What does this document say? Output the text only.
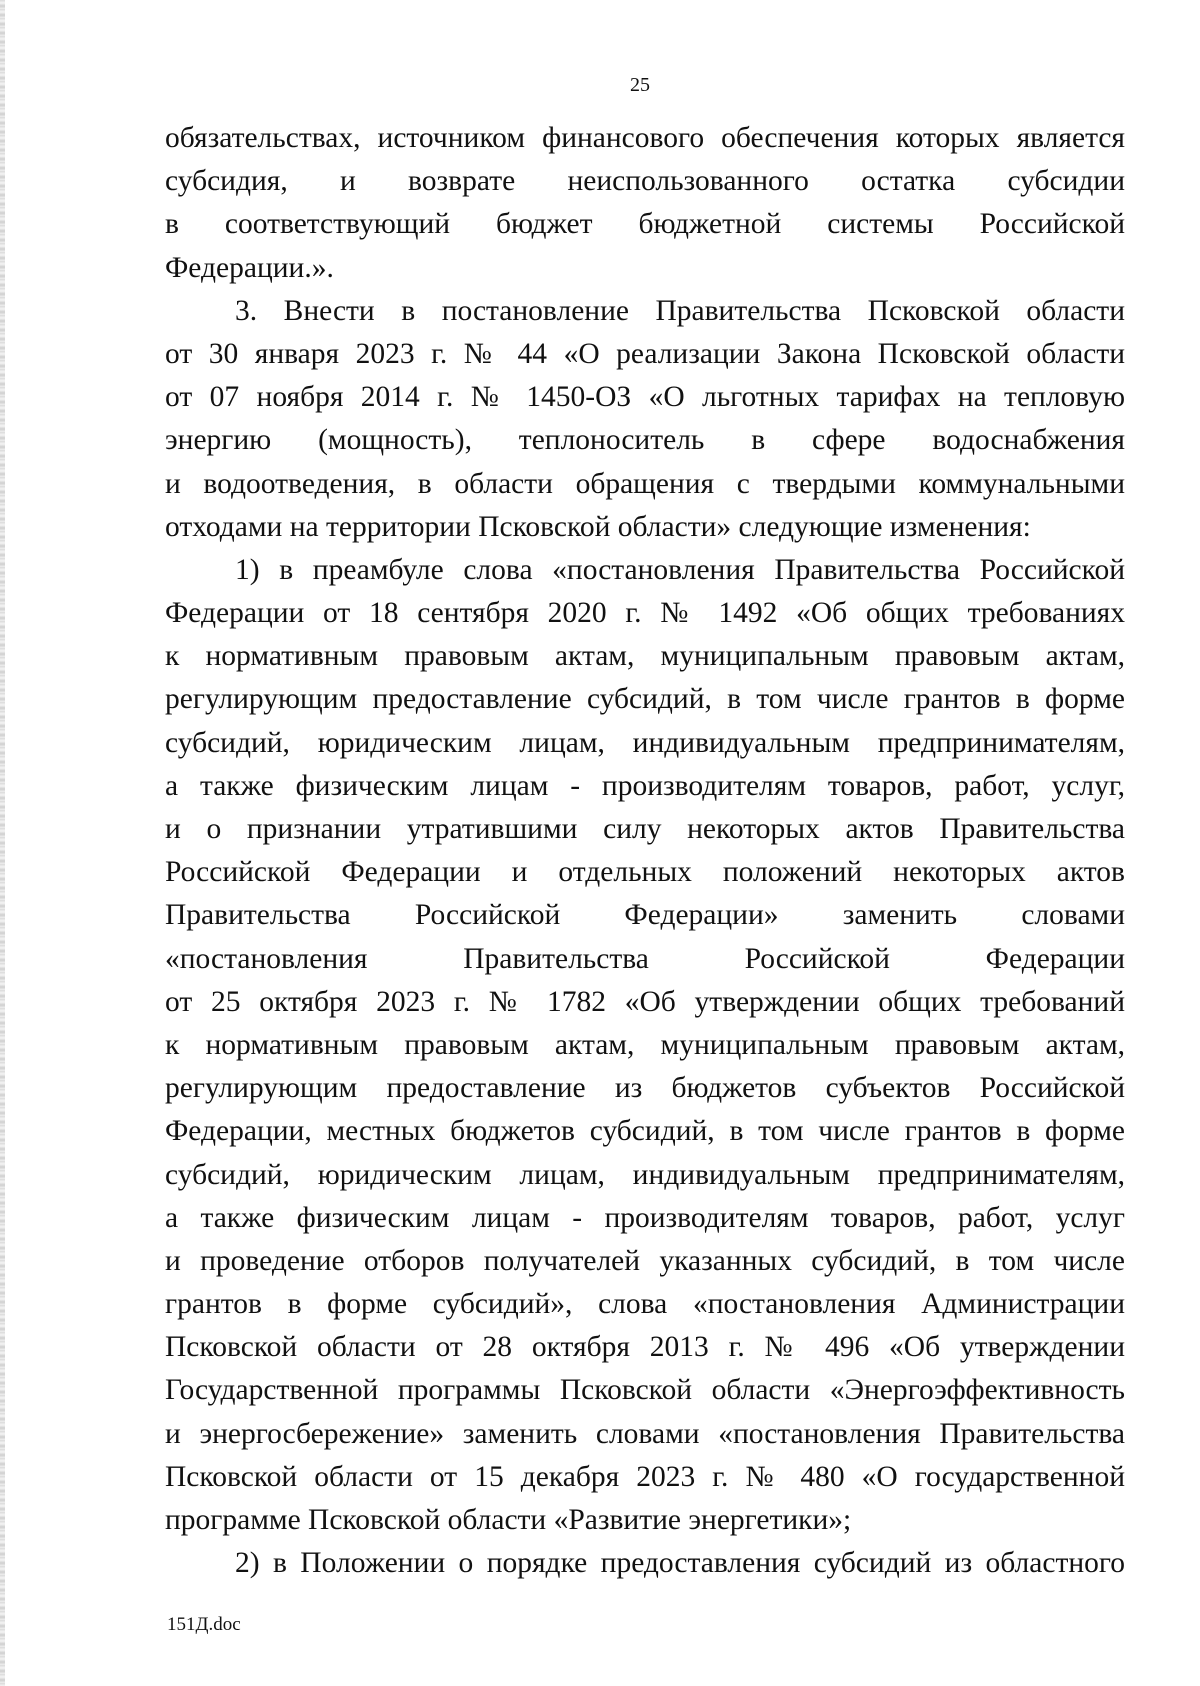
25
обязательствах, источником финансового обеспечения которых является
субсидия, и возврате неиспользованного остатка субсидии
в соответствующий бюджет бюджетной системы Российской
Федерации.».
3. Внести в постановление Правительства Псковской области
от 30 января 2023 г. № 44 «О реализации Закона Псковской области
от 07 ноября 2014 г. № 1450-ОЗ «О льготных тарифах на тепловую
энергию (мощность), теплоноситель в сфере водоснабжения
и водоотведения, в области обращения с твердыми коммунальными
отходами на территории Псковской области» следующие изменения:
1) в преамбуле слова «постановления Правительства Российской
Федерации от 18 сентября 2020 г. № 1492 «Об общих требованиях
к нормативным правовым актам, муниципальным правовым актам,
регулирующим предоставление субсидий, в том числе грантов в форме
субсидий, юридическим лицам, индивидуальным предпринимателям,
а также физическим лицам - производителям товаров, работ, услуг,
и о признании утратившими силу некоторых актов Правительства
Российской Федерации и отдельных положений некоторых актов
Правительства Российской Федерации» заменить словами
«постановления Правительства Российской Федерации
от 25 октября 2023 г. № 1782 «Об утверждении общих требований
к нормативным правовым актам, муниципальным правовым актам,
регулирующим предоставление из бюджетов субъектов Российской
Федерации, местных бюджетов субсидий, в том числе грантов в форме
субсидий, юридическим лицам, индивидуальным предпринимателям,
а также физическим лицам - производителям товаров, работ, услуг
и проведение отборов получателей указанных субсидий, в том числе
грантов в форме субсидий», слова «постановления Администрации
Псковской области от 28 октября 2013 г. № 496 «Об утверждении
Государственной программы Псковской области «Энергоэффективность
и энергосбережение» заменить словами «постановления Правительства
Псковской области от 15 декабря 2023 г. № 480 «О государственной
программе Псковской области «Развитие энергетики»;
2) в Положении о порядке предоставления субсидий из областного
151Д.doc
